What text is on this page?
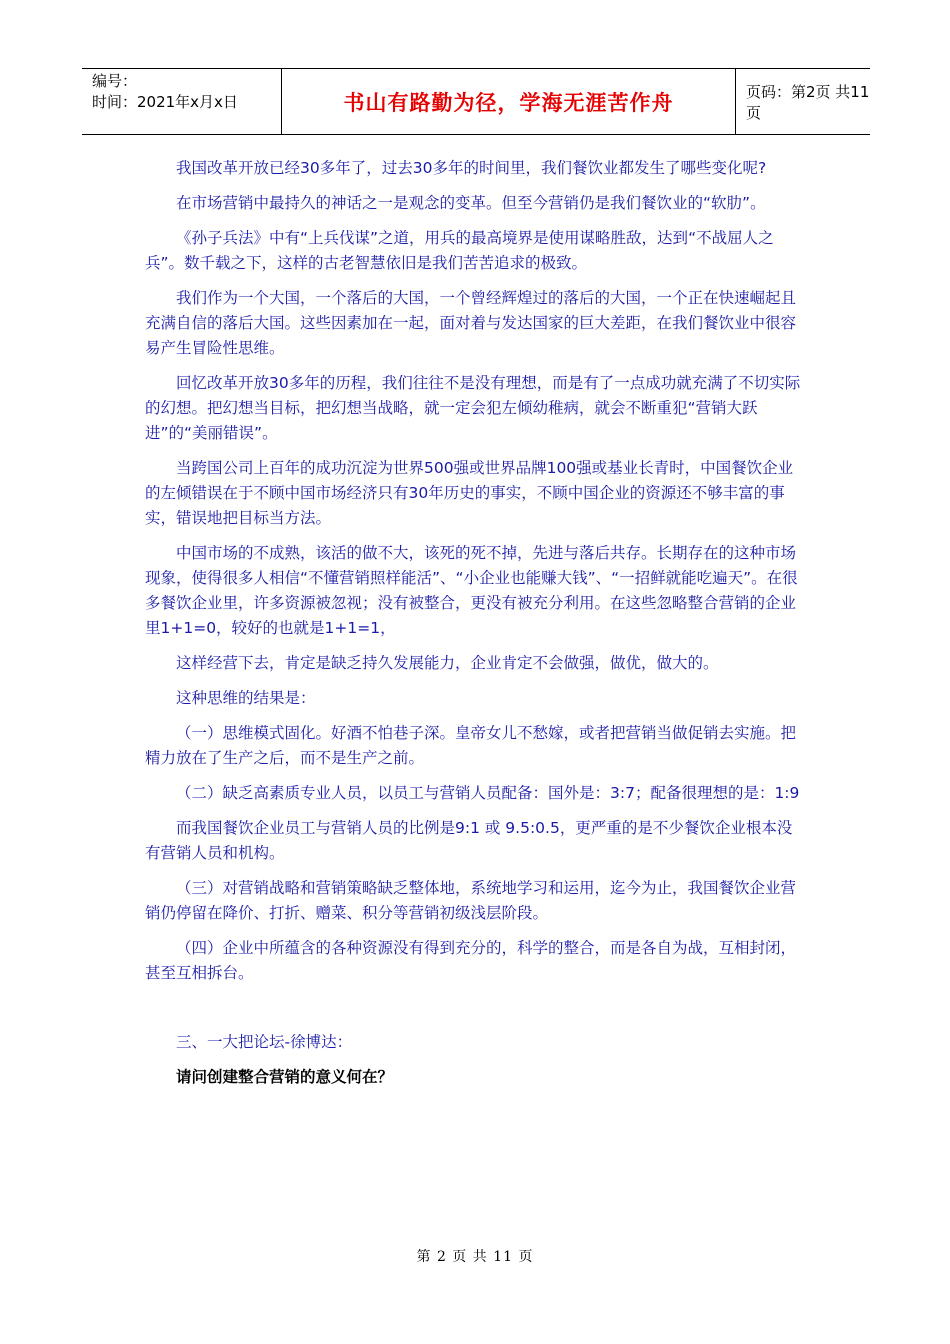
编号：
时间：2021年x月x日	书山有路勤为径，学海无涯苦作舟	页码：第2页 共11页

我国改革开放已经30多年了，过去30多年的时间里，我们餐饮业都发生了哪些变化呢?

在市场营销中最持久的神话之一是观念的变革。但至今营销仍是我们餐饮业的“软肋”。

《孙子兵法》中有“上兵伐谋”之道，用兵的最高境界是使用谋略胜敌，达到“不战屈人之兵”。数千载之下，这样的古老智慧依旧是我们苦苦追求的极致。

我们作为一个大国，一个落后的大国，一个曾经辉煌过的落后的大国，一个正在快速崛起且充满自信的落后大国。这些因素加在一起，面对着与发达国家的巨大差距，在我们餐饮业中很容易产生冒险性思维。

回忆改革开放30多年的历程，我们往往不是没有理想，而是有了一点成功就充满了不切实际的幻想。把幻想当目标，把幻想当战略，就一定会犯左倾幼稚病，就会不断重犯“营销大跃进”的“美丽错误”。

当跨国公司上百年的成功沉淀为世界500强或世界品牌100强或基业长青时，中国餐饮企业的左倾错误在于不顾中国市场经济只有30年历史的事实，不顾中国企业的资源还不够丰富的事实，错误地把目标当方法。

中国市场的不成熟，该活的做不大，该死的死不掉，先进与落后共存。长期存在的这种市场现象，使得很多人相信“不懂营销照样能活”、“小企业也能赚大钱”、“一招鲜就能吃遍天”。在很多餐饮企业里，许多资源被忽视；没有被整合，更没有被充分利用。在这些忽略整合营销的企业里1+1=0，较好的也就是1+1=1，

这样经营下去，肯定是缺乏持久发展能力，企业肯定不会做强，做优，做大的。

这种思维的结果是：

（一）思维模式固化。好酒不怕巷子深。皇帝女儿不愁嫁，或者把营销当做促销去实施。把精力放在了生产之后，而不是生产之前。

（二）缺乏高素质专业人员，以员工与营销人员配备：国外是：3:7；配备很理想的是：1:9

而我国餐饮企业员工与营销人员的比例是9:1 或 9.5:0.5，更严重的是不少餐饮企业根本没有营销人员和机构。

（三）对营销战略和营销策略缺乏整体地，系统地学习和运用，迄今为止，我国餐饮企业营销仍停留在降价、打折、赠菜、积分等营销初级浅层阶段。

（四）企业中所蕴含的各种资源没有得到充分的，科学的整合，而是各自为战，互相封闭，甚至互相拆台。

三、一大把论坛-徐博达：

请问创建整合营销的意义何在？

第 2 页 共 11 页
